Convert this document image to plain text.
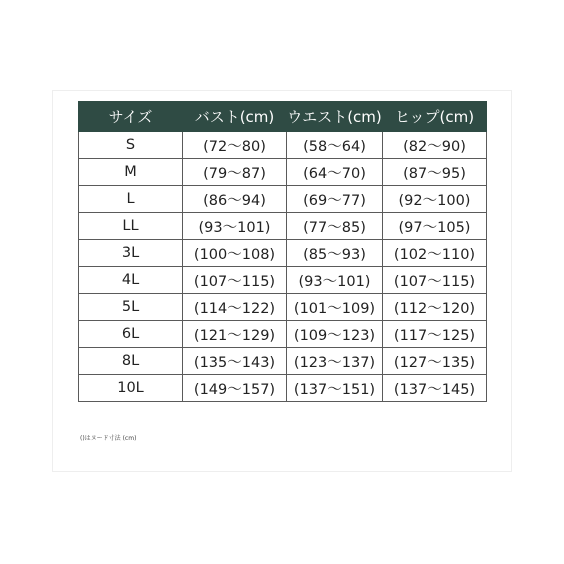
サイズ	バスト(cm)	ウエスト(cm)	ヒップ(cm)
S	(72～80)	(58～64)	(82～90)
M	(79～87)	(64～70)	(87～95)
L	(86～94)	(69～77)	(92～100)
LL	(93～101)	(77～85)	(97～105)
3L	(100～108)	(85～93)	(102～110)
4L	(107～115)	(93～101)	(107～115)
5L	(114～122)	(101～109)	(112～120)
6L	(121～129)	(109～123)	(117～125)
8L	(135～143)	(123～137)	(127～135)
10L	(149～157)	(137～151)	(137～145)
()はヌード寸法 (cm)
